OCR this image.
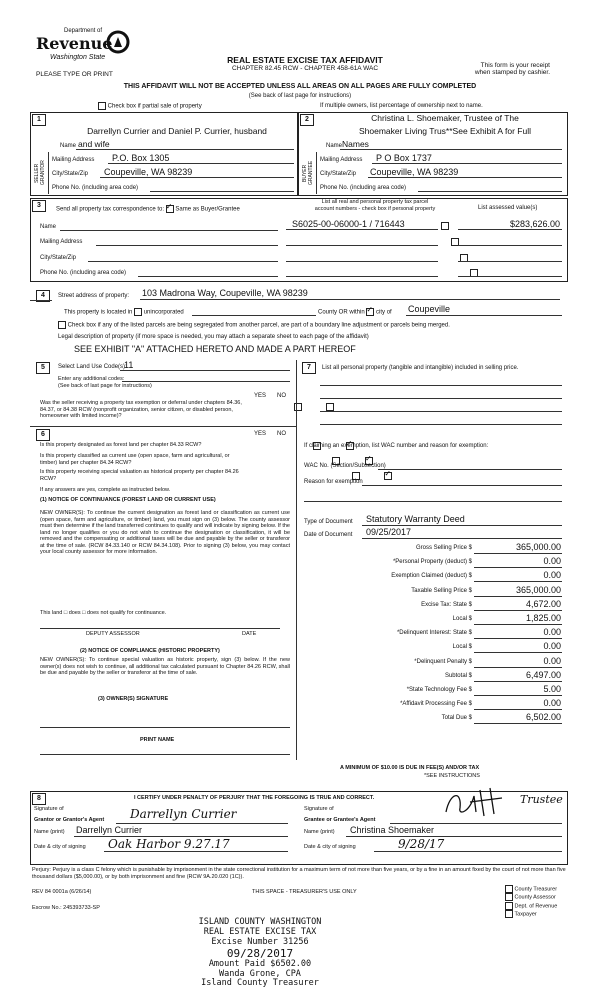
Department of
Revenue
Washington State
PLEASE TYPE OR PRINT
REAL ESTATE EXCISE TAX AFFIDAVIT
CHAPTER 82.45 RCW - CHAPTER 458-61A WAC	This form is your receipt
when stamped by cashier.
THIS AFFIDAVIT WILL NOT BE ACCEPTED UNLESS ALL AREAS ON ALL PAGES ARE FULLY COMPLETED
(See back of last page for instructions)
Check box if partial sale of property	If multiple owners, list percentage of ownership next to name.
1	2
Darrellyn Currier and Daniel P. Currier, husband
Name and wife
SELLER GRANTOR
Mailing Address P.O. Box 1305
City/State/Zip Coupeville, WA 98239
Phone No. (including area code)
Christina L. Shoemaker, Trustee of The
Shoemaker Living Trus**See Exhibit A for Full
Name Names
BUYER GRANTEE
Mailing Address P O Box 1737
City/State/Zip Coupeville, WA 98239
Phone No. (including area code)
3
Send all property tax correspondence to: ✓ Same as Buyer/Grantee
List all real and personal property tax parcel
account numbers - check box if personal property	List assessed value(s)
Name	S6025-00-06000-1 / 716443
	$283,626.00
Mailing Address

City/State/Zip

Phone No. (including area code)

4	Street address of property: 103 Madrona Way, Coupeville, WA 98239
This property is located in unincorporated	County OR within ✓ city of Coupeville
Check box if any of the listed parcels are being segregated from another parcel, are part of a boundary line adjustment or parcels being merged.
Legal description of property (if more space is needed, you may attach a separate sheet to each page of the affidavit)
SEE EXHIBIT "A" ATTACHED HERETO AND MADE A PART HEREOF
5	Select Land Use Code(s):
11
Enter any additional codes:
(See back of last page for instructions)
YES NO
Was the seller receiving a property tax exemption or deferral under chapters 84.36, 84.37, or 84.38 RCW (nonprofit organization, senior citizen, or disabled person, homeowner with limited income)?

6	YES NO
Is this property designated as forest land per chapter 84.33 RCW?
✓
Is this property classified as current use (open space, farm and agricultural, or timber) land per chapter 84.34 RCW?
✓
Is this property receiving special valuation as historical property per chapter 84.26 RCW?
✓
If any answers are yes, complete as instructed below.
(1) NOTICE OF CONTINUANCE (FOREST LAND OR CURRENT USE)
NEW OWNER(S): To continue the current designation as forest land or classification as current use (open space, farm and agriculture, or timber) land, you must sign on (3) below. The county assessor must then determine if the land transferred continues to qualify and will indicate by signing below. If the land no longer qualifies or you do not wish to continue the designation or classification, it will be removed and the compensating or additional taxes will be due and payable by the seller or transferor at the time of sale. (RCW 84.33.140 or RCW 84.34.108). Prior to signing (3) below, you may contact your local county assessor for more information.
This land □ does □ does not qualify for continuance.
DEPUTY ASSESSOR	DATE
(2) NOTICE OF COMPLIANCE (HISTORIC PROPERTY)
NEW OWNER(S): To continue special valuation as historic property, sign (3) below. If the new owner(s) does not wish to continue, all additional tax calculated pursuant to Chapter 84.26 RCW, shall be due and payable by the seller or transferor at the time of sale.
(3) OWNER(S) SIGNATURE
PRINT NAME
7	List all personal property (tangible and intangible) included in selling price.
If claiming an exemption, list WAC number and reason for exemption:
WAC No. (Section/Subsection)
Reason for exemption
Type of Document Statutory Warranty Deed
Date of Document 09/25/2017
Gross Selling Price $	365,000.00
*Personal Property (deduct) $	0.00
Exemption Claimed (deduct) $	0.00
Taxable Selling Price $	365,000.00
Excise Tax: State $	4,672.00
Local $	1,825.00
*Delinquent Interest: State $	0.00
Local $	0.00
*Delinquent Penalty $	0.00
Subtotal $	6,497.00
*State Technology Fee $	5.00
*Affidavit Processing Fee $	0.00
Total Due $	6,502.00
A MINIMUM OF $10.00 IS DUE IN FEE(S) AND/OR TAX
*SEE INSTRUCTIONS
8	I CERTIFY UNDER PENALTY OF PERJURY THAT THE FOREGOING IS TRUE AND CORRECT.
Signature of
Grantor or Grantor's Agent Darrellyn Currier
Name (print) Darrellyn Currier
Date & city of signing Oak Harbor 9.27.17
Signature of
Grantee or Grantee's Agent
Trustee
Name (print) Christina Shoemaker
Date & city of signing	9/28/17
Perjury: Perjury is a class C felony which is punishable by imprisonment in the state correctional institution for a maximum term of not more than five years, or by a fine in an amount fixed by the court of not more than five thousand dollars ($5,000.00), or by both imprisonment and fine (RCW 9A.20.020 (1C)).
REV 84 0001a (6/26/14)	THIS SPACE - TREASURER'S USE ONLY
Escrow No.: 245393733-SP
County Treasurer
County Assessor
Dept. of Revenue
Taxpayer
ISLAND COUNTY WASHINGTON
REAL ESTATE EXCISE TAX
Excise Number 31256
09/28/2017
Amount Paid $6502.00
Wanda Grone, CPA
Island County Treasurer
